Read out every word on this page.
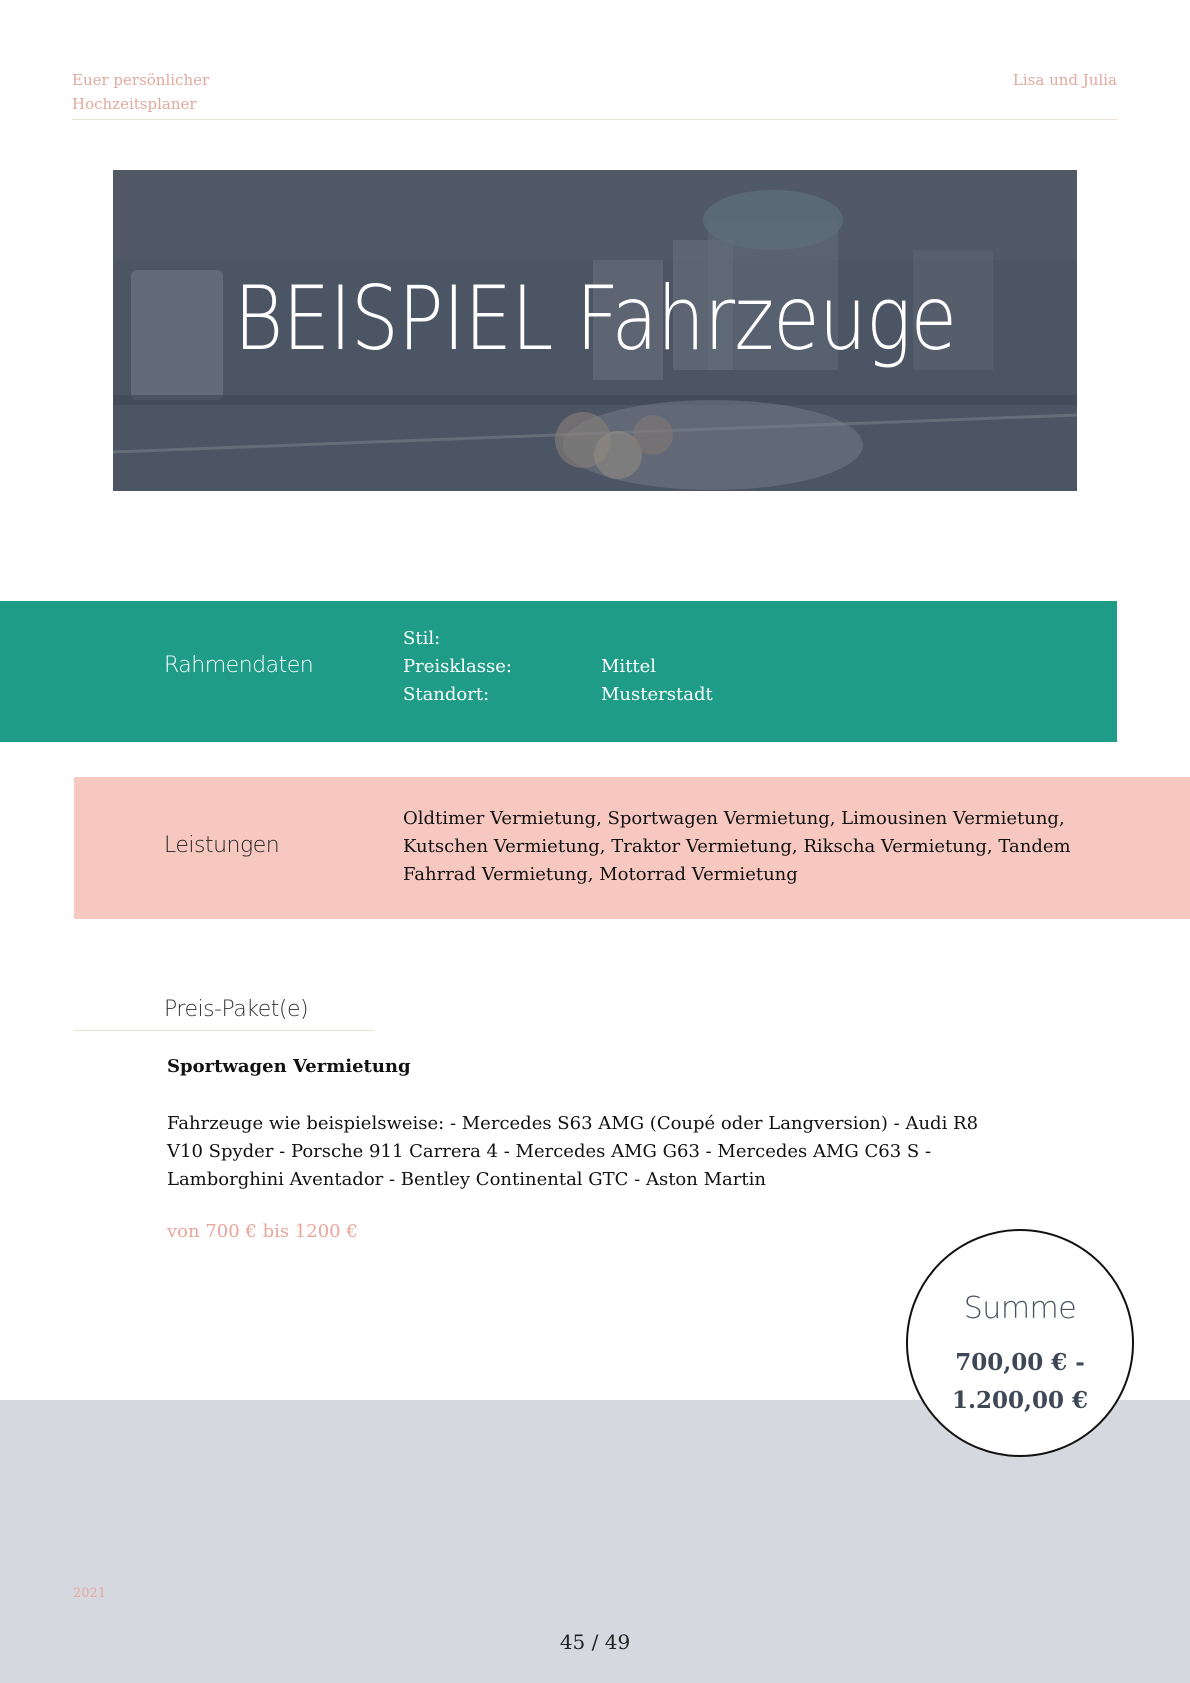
Euer persönlicher
Hochzeitsplaner
Lisa und Julia
BEISPIEL Fahrzeuge
Rahmendaten
Stil:
Preisklasse:
Standort:
Mittel
Musterstadt
Leistungen
Oldtimer Vermietung, Sportwagen Vermietung, Limousinen Vermietung, Kutschen Vermietung, Traktor Vermietung, Rikscha Vermietung, Tandem Fahrrad Vermietung, Motorrad Vermietung
Preis-Paket(e)
Sportwagen Vermietung
Fahrzeuge wie beispielsweise: - Mercedes S63 AMG (Coupé oder Langversion) - Audi R8 V10 Spyder - Porsche 911 Carrera 4 - Mercedes AMG G63 - Mercedes AMG C63 S - Lamborghini Aventador - Bentley Continental GTC - Aston Martin
von 700 € bis 1200 €
2021
45 / 49
Summe
700,00 € -
1.200,00 €
